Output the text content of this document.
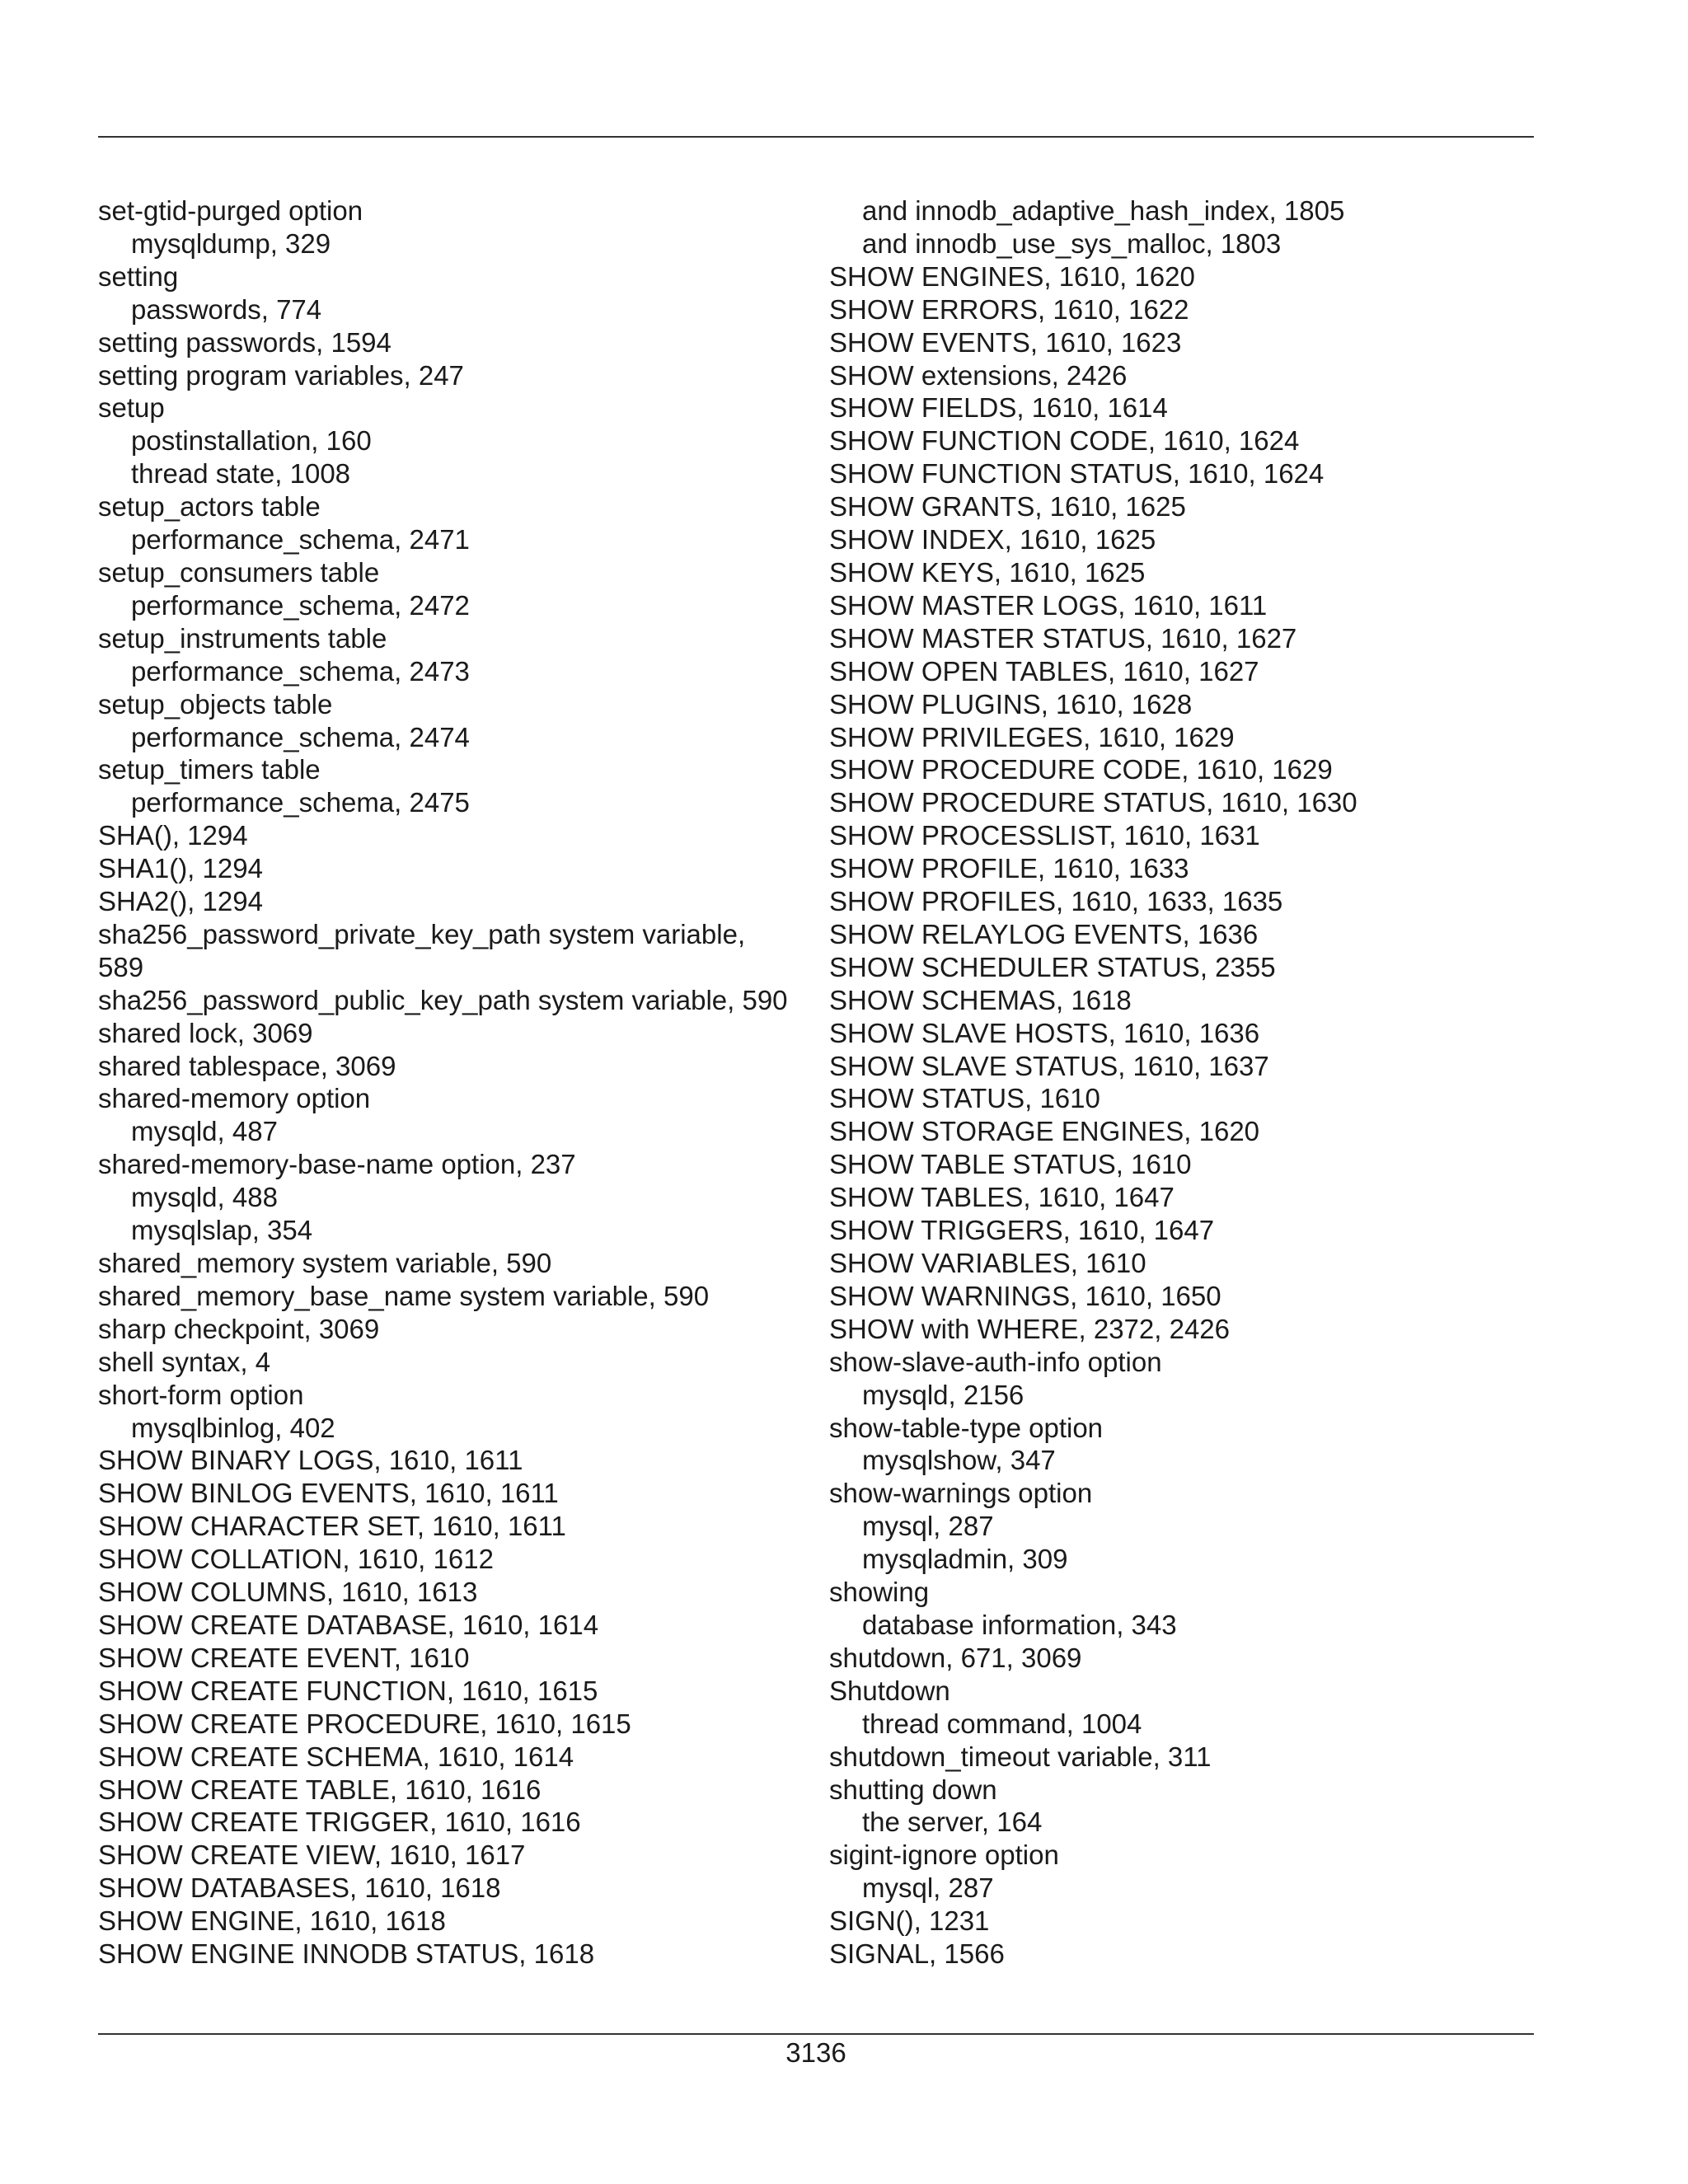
set-gtid-purged option
mysqldump, 329
setting
passwords, 774
setting passwords, 1594
setting program variables, 247
setup
postinstallation, 160
thread state, 1008
setup_actors table
performance_schema, 2471
setup_consumers table
performance_schema, 2472
setup_instruments table
performance_schema, 2473
setup_objects table
performance_schema, 2474
setup_timers table
performance_schema, 2475
SHA(), 1294
SHA1(), 1294
SHA2(), 1294
sha256_password_private_key_path system variable,
589
sha256_password_public_key_path system variable, 590
shared lock, 3069
shared tablespace, 3069
shared-memory option
mysqld, 487
shared-memory-base-name option, 237
mysqld, 488
mysqlslap, 354
shared_memory system variable, 590
shared_memory_base_name system variable, 590
sharp checkpoint, 3069
shell syntax, 4
short-form option
mysqlbinlog, 402
SHOW BINARY LOGS, 1610, 1611
SHOW BINLOG EVENTS, 1610, 1611
SHOW CHARACTER SET, 1610, 1611
SHOW COLLATION, 1610, 1612
SHOW COLUMNS, 1610, 1613
SHOW CREATE DATABASE, 1610, 1614
SHOW CREATE EVENT, 1610
SHOW CREATE FUNCTION, 1610, 1615
SHOW CREATE PROCEDURE, 1610, 1615
SHOW CREATE SCHEMA, 1610, 1614
SHOW CREATE TABLE, 1610, 1616
SHOW CREATE TRIGGER, 1610, 1616
SHOW CREATE VIEW, 1610, 1617
SHOW DATABASES, 1610, 1618
SHOW ENGINE, 1610, 1618
SHOW ENGINE INNODB STATUS, 1618
and innodb_adaptive_hash_index, 1805
and innodb_use_sys_malloc, 1803
SHOW ENGINES, 1610, 1620
SHOW ERRORS, 1610, 1622
SHOW EVENTS, 1610, 1623
SHOW extensions, 2426
SHOW FIELDS, 1610, 1614
SHOW FUNCTION CODE, 1610, 1624
SHOW FUNCTION STATUS, 1610, 1624
SHOW GRANTS, 1610, 1625
SHOW INDEX, 1610, 1625
SHOW KEYS, 1610, 1625
SHOW MASTER LOGS, 1610, 1611
SHOW MASTER STATUS, 1610, 1627
SHOW OPEN TABLES, 1610, 1627
SHOW PLUGINS, 1610, 1628
SHOW PRIVILEGES, 1610, 1629
SHOW PROCEDURE CODE, 1610, 1629
SHOW PROCEDURE STATUS, 1610, 1630
SHOW PROCESSLIST, 1610, 1631
SHOW PROFILE, 1610, 1633
SHOW PROFILES, 1610, 1633, 1635
SHOW RELAYLOG EVENTS, 1636
SHOW SCHEDULER STATUS, 2355
SHOW SCHEMAS, 1618
SHOW SLAVE HOSTS, 1610, 1636
SHOW SLAVE STATUS, 1610, 1637
SHOW STATUS, 1610
SHOW STORAGE ENGINES, 1620
SHOW TABLE STATUS, 1610
SHOW TABLES, 1610, 1647
SHOW TRIGGERS, 1610, 1647
SHOW VARIABLES, 1610
SHOW WARNINGS, 1610, 1650
SHOW with WHERE, 2372, 2426
show-slave-auth-info option
mysqld, 2156
show-table-type option
mysqlshow, 347
show-warnings option
mysql, 287
mysqladmin, 309
showing
database information, 343
shutdown, 671, 3069
Shutdown
thread command, 1004
shutdown_timeout variable, 311
shutting down
the server, 164
sigint-ignore option
mysql, 287
SIGN(), 1231
SIGNAL, 1566
3136
